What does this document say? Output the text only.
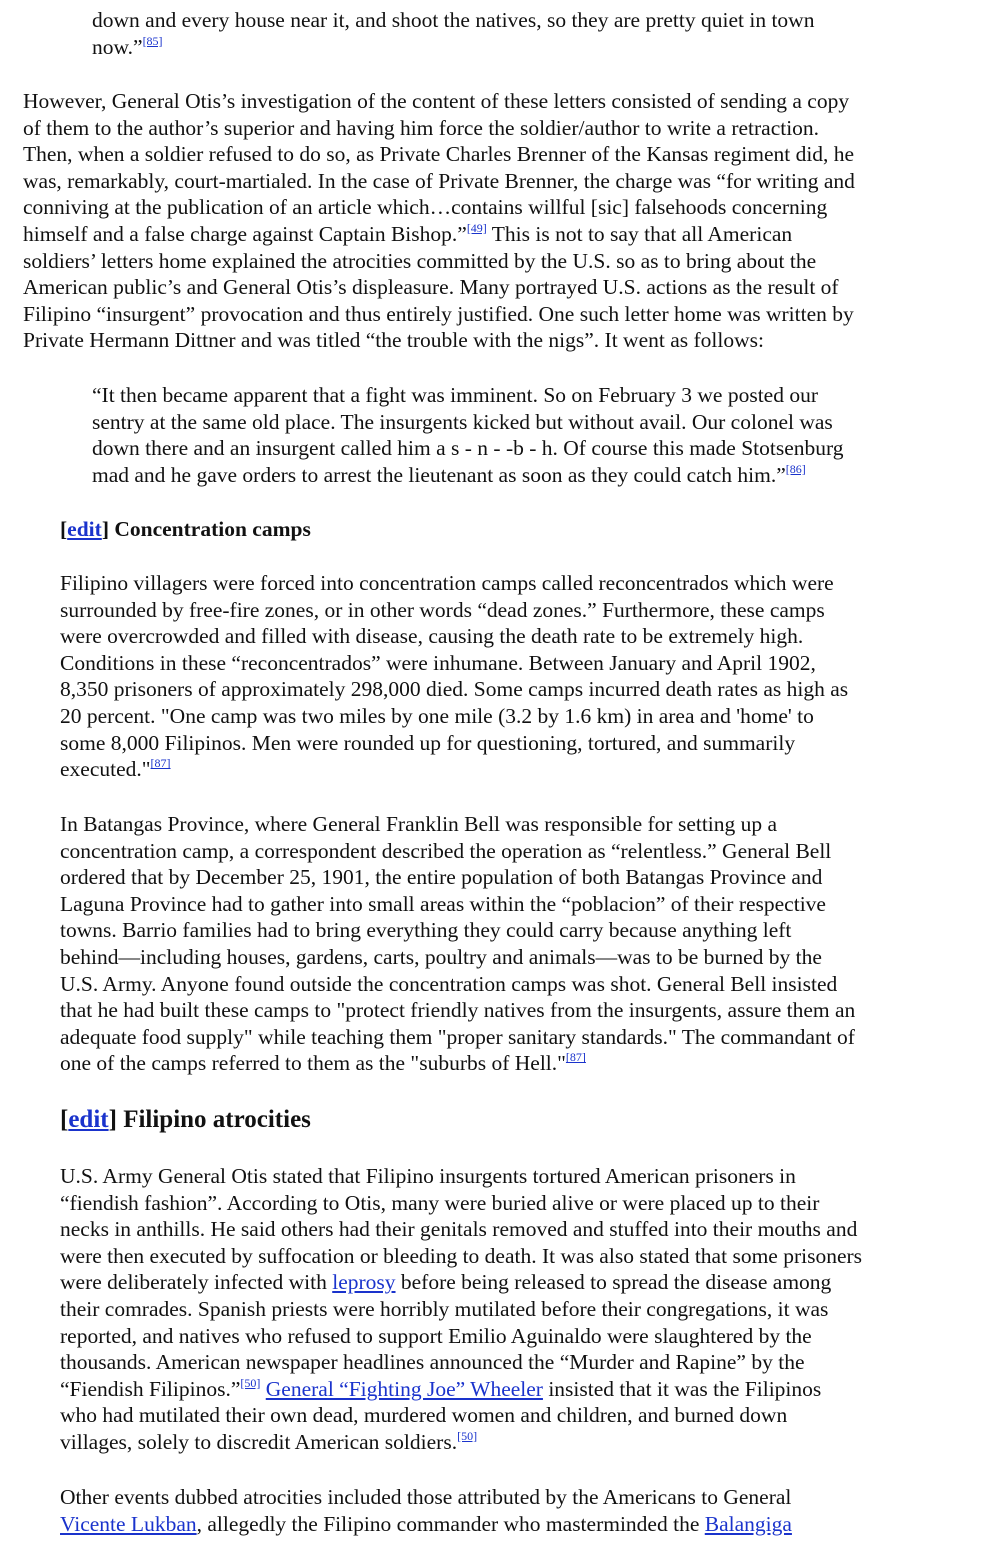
down and every house near it, and shoot the natives, so they are pretty quiet in town
now.”[85]
However, General Otis’s investigation of the content of these letters consisted of sending a copy
of them to the author’s superior and having him force the soldier/author to write a retraction.
Then, when a soldier refused to do so, as Private Charles Brenner of the Kansas regiment did, he
was, remarkably, court-martialed. In the case of Private Brenner, the charge was “for writing and
conniving at the publication of an article which…contains willful [sic] falsehoods concerning
himself and a false charge against Captain Bishop.”[49] This is not to say that all American
soldiers’ letters home explained the atrocities committed by the U.S. so as to bring about the
American public’s and General Otis’s displeasure. Many portrayed U.S. actions as the result of
Filipino “insurgent” provocation and thus entirely justified. One such letter home was written by
Private Hermann Dittner and was titled “the trouble with the nigs”. It went as follows:
“It then became apparent that a fight was imminent. So on February 3 we posted our
sentry at the same old place. The insurgents kicked but without avail. Our colonel was
down there and an insurgent called him a s - n - -b - h. Of course this made Stotsenburg
mad and he gave orders to arrest the lieutenant as soon as they could catch him.”[86]
[edit] Concentration camps
Filipino villagers were forced into concentration camps called reconcentrados which were
surrounded by free-fire zones, or in other words “dead zones.” Furthermore, these camps
were overcrowded and filled with disease, causing the death rate to be extremely high.
Conditions in these “reconcentrados” were inhumane. Between January and April 1902,
8,350 prisoners of approximately 298,000 died. Some camps incurred death rates as high as
20 percent. "One camp was two miles by one mile (3.2 by 1.6 km) in area and 'home' to
some 8,000 Filipinos. Men were rounded up for questioning, tortured, and summarily
executed."[87]
In Batangas Province, where General Franklin Bell was responsible for setting up a
concentration camp, a correspondent described the operation as “relentless.” General Bell
ordered that by December 25, 1901, the entire population of both Batangas Province and
Laguna Province had to gather into small areas within the “poblacion” of their respective
towns. Barrio families had to bring everything they could carry because anything left
behind—including houses, gardens, carts, poultry and animals—was to be burned by the
U.S. Army. Anyone found outside the concentration camps was shot. General Bell insisted
that he had built these camps to "protect friendly natives from the insurgents, assure them an
adequate food supply" while teaching them "proper sanitary standards." The commandant of
one of the camps referred to them as the "suburbs of Hell."[87]
[edit] Filipino atrocities
U.S. Army General Otis stated that Filipino insurgents tortured American prisoners in
“fiendish fashion”. According to Otis, many were buried alive or were placed up to their
necks in anthills. He said others had their genitals removed and stuffed into their mouths and
were then executed by suffocation or bleeding to death. It was also stated that some prisoners
were deliberately infected with leprosy before being released to spread the disease among
their comrades. Spanish priests were horribly mutilated before their congregations, it was
reported, and natives who refused to support Emilio Aguinaldo were slaughtered by the
thousands. American newspaper headlines announced the “Murder and Rapine” by the
“Fiendish Filipinos.”[50] General “Fighting Joe” Wheeler insisted that it was the Filipinos
who had mutilated their own dead, murdered women and children, and burned down
villages, solely to discredit American soldiers.[50]
Other events dubbed atrocities included those attributed by the Americans to General
Vicente Lukban, allegedly the Filipino commander who masterminded the Balangiga
